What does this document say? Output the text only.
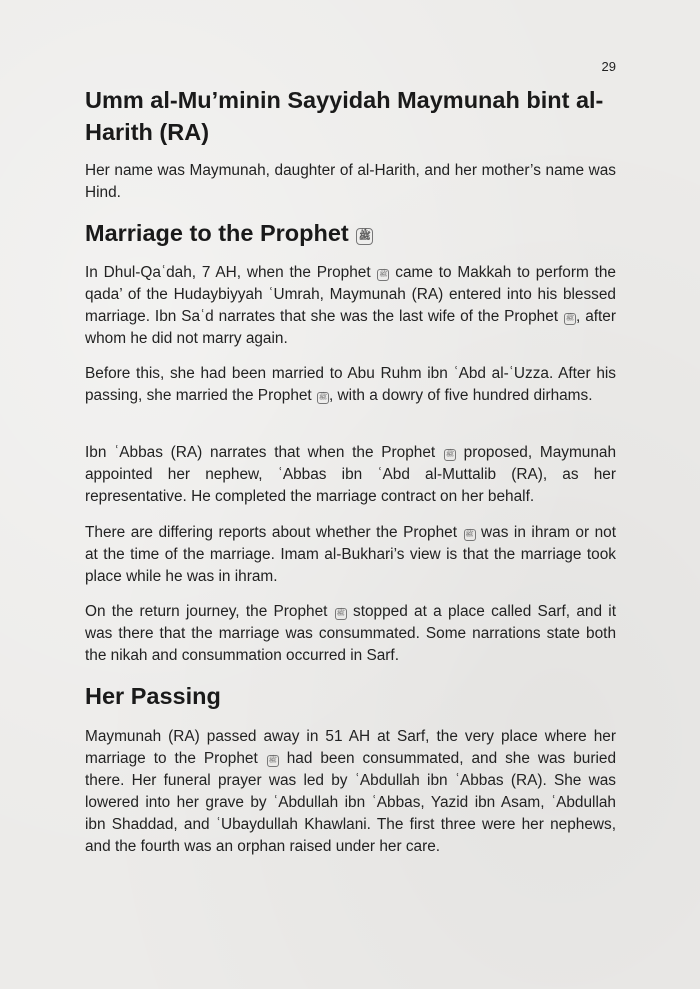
29
Umm al-Mu’minin Sayyidah Maymunah bint al-Harith (RA)

Her name was Maymunah, daughter of al-Harith, and her mother’s name was Hind.

Marriage to the Prophet ﷺ

In Dhul-Qaʿdah, 7 AH, when the Prophet ﷺ came to Makkah to perform the qada’ of the Hudaybiyyah ʿUmrah, Maymunah (RA) entered into his blessed marriage. Ibn Saʿd narrates that she was the last wife of the Prophet ﷺ , after whom he did not marry again.

Before this, she had been married to Abu Ruhm ibn ʿAbd al-ʿUzza. After his passing, she married the Prophet ﷺ , with a dowry of five hundred dirhams.

Ibn ʿAbbas (RA) narrates that when the Prophet ﷺ proposed, Maymunah appointed her nephew, ʿAbbas ibn ʿAbd al-Muttalib (RA), as her representative. He completed the marriage contract on her behalf.

There are differing reports about whether the Prophet ﷺ was in ihram or not at the time of the marriage. Imam al-Bukhari’s view is that the marriage took place while he was in ihram.

On the return journey, the Prophet ﷺ stopped at a place called Sarf, and it was there that the marriage was consummated. Some narrations state both the nikah and consummation occurred in Sarf.

Her Passing

Maymunah (RA) passed away in 51 AH at Sarf, the very place where her marriage to the Prophet ﷺ had been consummated, and she was buried there. Her funeral prayer was led by ʿAbdullah ibn ʿAbbas (RA). She was lowered into her grave by ʿAbdullah ibn ʿAbbas, Yazid ibn Asam, ʿAbdullah ibn Shaddad, and ʿUbaydullah Khawlani. The first three were her nephews, and the fourth was an orphan raised under her care.
